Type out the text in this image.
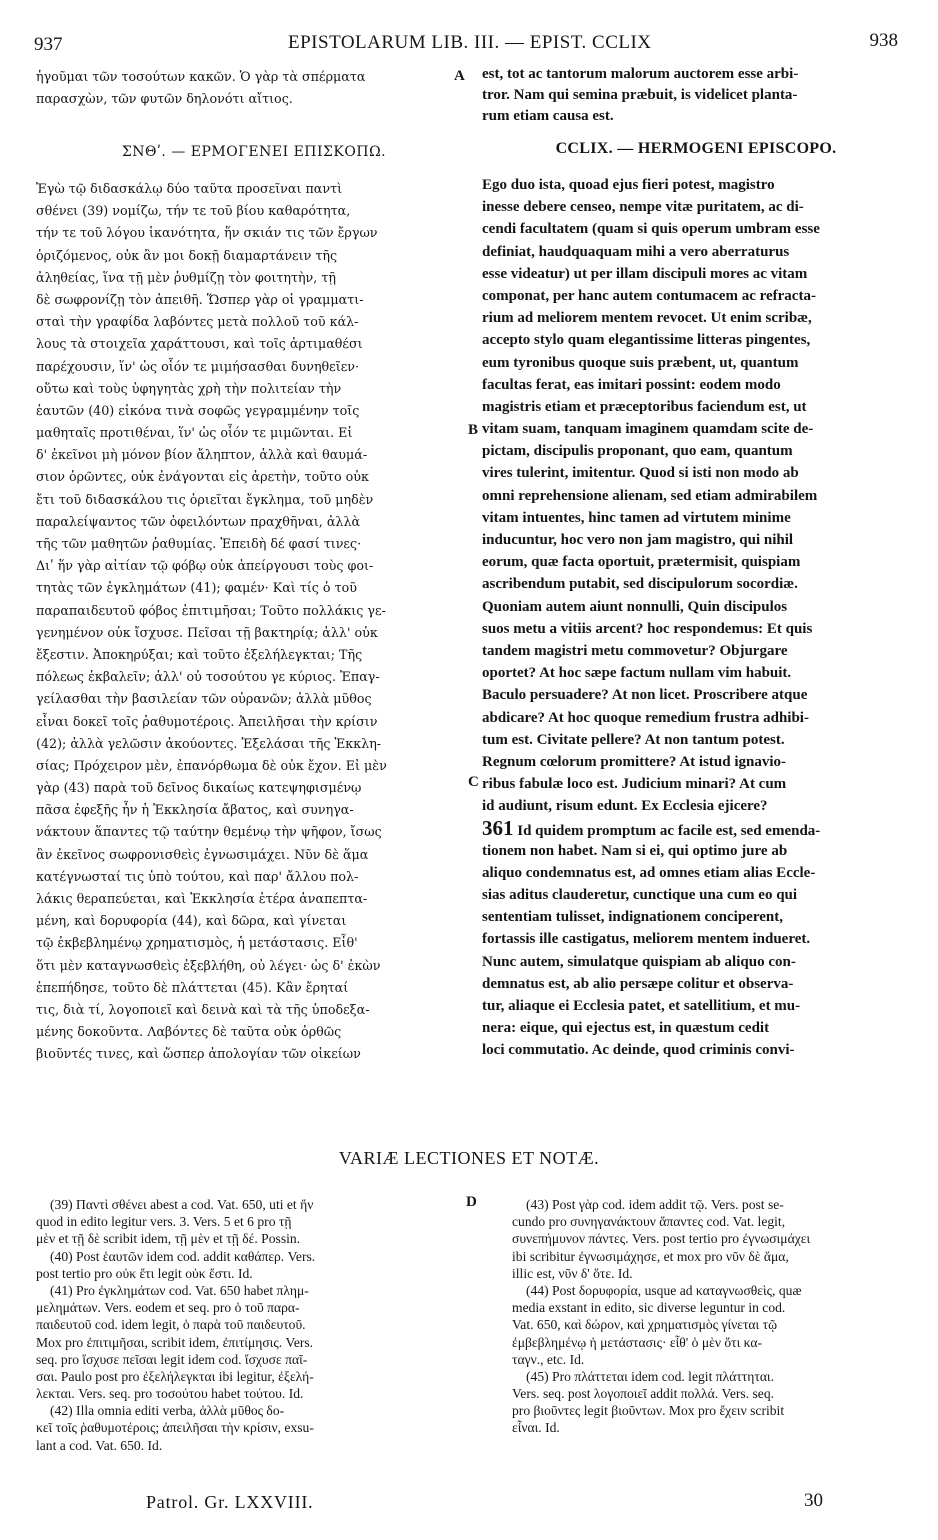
937	EPISTOLARUM LIB. III. — EPIST. CCLIX	938
ἡγοῦμαι τῶν τοσούτων κακῶν. Ὁ γὰρ τὰ σπέρματα
παρασχὼν, τῶν φυτῶν δηλονότι αἴτιος.
A est, tot ac tantorum malorum auctorem esse arbi-
tror. Nam qui semina præbuit, is videlicet planta-
rum etiam causa est.
ΣΝΘʹ. — ΕΡΜΟΓΕΝΕΙ ΕΠΙΣΚΟΠΩ.	CCLIX. — HERMOGENI EPISCOPO.
Ἐγὼ τῷ διδασκάλῳ δύο ταῦτα προσεῖναι παντὶ
σθένει (39) νομίζω, τήν τε τοῦ βίου καθαρότητα,
τήν τε τοῦ λόγου ἱκανότητα, ἥν σκιάν τις τῶν ἔργων
ὁριζόμενος, οὐκ ἂν μοι δοκῇ διαμαρτάνειν τῆς
ἀληθείας, ἵνα τῇ μὲν ῥυθμίζῃ τὸν φοιτητὴν, τῇ
δὲ σωφρονίζῃ τὸν ἀπειθῆ. Ὥσπερ γὰρ οἱ γραμματι-
σταὶ τὴν γραφίδα λαβόντες μετὰ πολλοῦ τοῦ κάλ-
λους τὰ στοιχεῖα χαράττουσι, καὶ τοῖς ἀρτιμαθέσι
παρέχουσιν, ἵν' ὡς οἷόν τε μιμήσασθαι δυνηθεῖεν·
οὕτω καὶ τοὺς ὑφηγητὰς χρὴ τὴν πολιτείαν τὴν
ἑαυτῶν (40) εἰκόνα τινὰ σοφῶς γεγραμμένην τοῖς
μαθηταῖς προτιθέναι, ἵν' ὡς οἷόν τε μιμῶνται. Εἰ
δ' ἐκεῖνοι μὴ μόνον βίον ἄληπτον, ἀλλὰ καὶ θαυμά-
σιον ὁρῶντες, οὐκ ἐνάγονται εἰς ἀρετὴν, τοῦτο οὐκ
ἔτι τοῦ διδασκάλου τις ὁριεῖται ἔγκλημα, τοῦ μηδὲν
παραλείψαντος τῶν ὀφειλόντων πραχθῆναι, ἀλλὰ
τῆς τῶν μαθητῶν ῥαθυμίας. Ἐπειδὴ δέ φασί τινες·
Διʹ ἥν γὰρ αἰτίαν τῷ φόβῳ οὐκ ἀπείργουσι τοὺς φοι-
τητὰς τῶν ἐγκλημάτων (41); φαμέν· Καὶ τίς ὁ τοῦ
παραπαιδευτοῦ φόβος ἐπιτιμῆσαι; Τοῦτο πολλάκις γε-
γενημένον οὐκ ἴσχυσε. Πεῖσαι τῇ βακτηρίᾳ; ἀλλ' οὐκ
ἔξεστιν. Ἀποκηρύξαι; καὶ τοῦτο ἐξελήλεγκται; Τῆς
πόλεως ἐκβαλεῖν; ἀλλ' οὐ τοσούτου γε κύριος. Ἐπαγ-
γείλασθαι τὴν βασιλείαν τῶν οὐρανῶν; ἀλλὰ μῦθος
εἶναι δοκεῖ τοῖς ῥαθυμοτέροις. Ἀπειλῆσαι τὴν κρίσιν
(42); ἀλλὰ γελῶσιν ἀκούοντες. Ἐξελάσαι τῆς Ἐκκλη-
σίας; Πρόχειρον μὲν, ἐπανόρθωμα δὲ οὐκ ἔχον. Εἰ μὲν
γὰρ (43) παρὰ τοῦ δεῖνος δικαίως κατεψηφισμένῳ
πᾶσα ἐφεξῆς ἦν ἡ Ἐκκλησία ἄβατος, καὶ συνηγα-
νάκτουν ἅπαντες τῷ ταύτην θεμένῳ τὴν ψῆφον, ἴσως
ἂν ἐκεῖνος σωφρονισθεὶς ἐγνωσιμάχει. Νῦν δὲ ἅμα
κατέγνωσταί τις ὑπὸ τούτου, καὶ παρ' ἄλλου πολ-
λάκις θεραπεύεται, καὶ Ἐκκλησία ἑτέρα ἀναπεπτα-
μένη, καὶ δορυφορία (44), καὶ δῶρα, καὶ γίνεται
τῷ ἐκβεβλημένῳ χρηματισμὸς, ἡ μετάστασις. Εἶθ'
ὅτι μὲν καταγνωσθεὶς ἐξεβλήθη, οὐ λέγει· ὡς δ' ἐκὼν
ἐπεπήδησε, τοῦτο δὲ πλάττεται (45). Κἂν ἔρηταί
τις, διὰ τί, λογοποιεῖ καὶ δεινὰ καὶ τὰ τῆς ὑποδεξα-
μένης δοκοῦντα. Λαβόντες δὲ ταῦτα οὐκ ὀρθῶς
βιοῦντές τινες, καὶ ὥσπερ ἀπολογίαν τῶν οἰκείων
Ego duo ista, quoad ejus fieri potest, magistro
inesse debere censeo, nempe vitæ puritatem, ac di-
cendi facultatem (quam si quis operum umbram esse
definiat, haudquaquam mihi a vero aberraturus
esse videatur) ut per illam discipuli mores ac vitam
componat, per hanc autem contumacem ac refracta-
rium ad meliorem mentem revocet. Ut enim scribæ,
accepto stylo quam elegantissime litteras pingentes,
eum tyronibus quoque suis præbent, ut, quantum
facultas ferat, eas imitari possint: eodem modo
magistris etiam et præceptoribus faciendum est, ut
vitam suam, tanquam imaginem quamdam scite de-
pictam, discipulis proponant, quo eam, quantum
vires tulerint, imitentur. Quod si isti non modo ab
omni reprehensione alienam, sed etiam admirabilem
vitam intuentes, hinc tamen ad virtutem minime
inducuntur, hoc vero non jam magistro, qui nihil
eorum, quæ facta oportuit, prætermisit, quispiam
ascribendum putabit, sed discipulorum socordiæ.
Quoniam autem aiunt nonnulli, Quin discipulos
suos metu a vitiis arcent? hoc respondemus: Et quis
tandem magistri metu commovetur? Objurgare
oportet? At hoc sæpe factum nullam vim habuit.
Baculo persuadere? At non licet. Proscribere atque
abdicare? At hoc quoque remedium frustra adhibi-
tum est. Civitate pellere? At non tantum potest.
Regnum cœlorum promittere? At istud ignavio-
ribus fabulæ loco est. Judicium minari? At cum
id audiunt, risum edunt. Ex Ecclesia ejicere?
361 Id quidem promptum ac facile est, sed emenda-
tionem non habet. Nam si ei, qui optimo jure ab
aliquo condemnatus est, ad omnes etiam alias Eccle-
sias aditus clauderetur, cunctique una cum eo qui
sententiam tulisset, indignationem conciperent,
fortassis ille castigatus, meliorem mentem indueret.
Nunc autem, simulatque quispiam ab aliquo con-
demnatus est, ab alio persæpe colitur et observa-
tur, aliaque ei Ecclesia patet, et satellitium, et mu-
nera: eique, qui ejectus est, in quæstum cedit
loci commutatio. Ac deinde, quod criminis convi-
B
C
VARIÆ LECTIONES ET NOTÆ.
(39) Παντὶ σθένει abest a cod. Vat. 650, uti et ἥν
quod in edito legitur vers. 3. Vers. 5 et 6 pro τῇ
μὲν et τῇ δὲ scribit idem, τῇ μὲν et τῇ δέ. Possin.
(40) Post ἑαυτῶν idem cod. addit καθάπερ. Vers.
post tertio pro οὐκ ἔτι legit οὐκ ἔστι. Id.
(41) Pro ἐγκλημάτων cod. Vat. 650 habet πλημ-
μελημάτων. Vers. eodem et seq. pro ὁ τοῦ παρα-
παιδευτοῦ cod. idem legit, ὁ παρὰ τοῦ παιδευτοῦ.
Mox pro ἐπιτιμῆσαι, scribit idem, ἐπιτίμησις. Vers.
seq. pro ἴσχυσε πεῖσαι legit idem cod. ἴσχυσε παῖ-
σαι. Paulo post pro ἐξελήλεγκται ibi legitur, ἐξελή-
λεκται. Vers. seq. pro τοσούτου habet τούτου. Id.
(42) Illa omnia editi verba, ἀλλὰ μῦθος δο-
κεῖ τοῖς ῥαθυμοτέροις; ἀπειλῆσαι τὴν κρίσιν, exsu-
lant a cod. Vat. 650. Id.
D	(43) Post γὰρ cod. idem addit τῷ. Vers. post se-
cundo pro συνηγανάκτουν ἅπαντες cod. Vat. legit,
συνεπήμυνον πάντες. Vers. post tertio pro ἐγνωσιμάχει
ibi scribitur ἐγνωσιμάχησε, et mox pro νῦν δὲ ἅμα,
illic est, νῦν δ' ὅτε. Id.
(44) Post δορυφορία, usque ad καταγνωσθεὶς, quæ
media exstant in edito, sic diverse leguntur in cod.
Vat. 650, καὶ δώρον, καὶ χρηματισμὸς γίνεται τῷ
ἐμβεβλημένῳ ἡ μετάστασις· εἶθ' ὁ μὲν ὅτι κα-
ταγν., etc. Id.
(45) Pro πλάττεται idem cod. legit πλάττηται.
Vers. seq. post λογοποιεῖ addit πολλά. Vers. seq.
pro βιοῦντες legit βιοῦντων. Mox pro ἔχειν scribit
εἶναι. Id.
Patrol. Gr. LXXVIII.	30
